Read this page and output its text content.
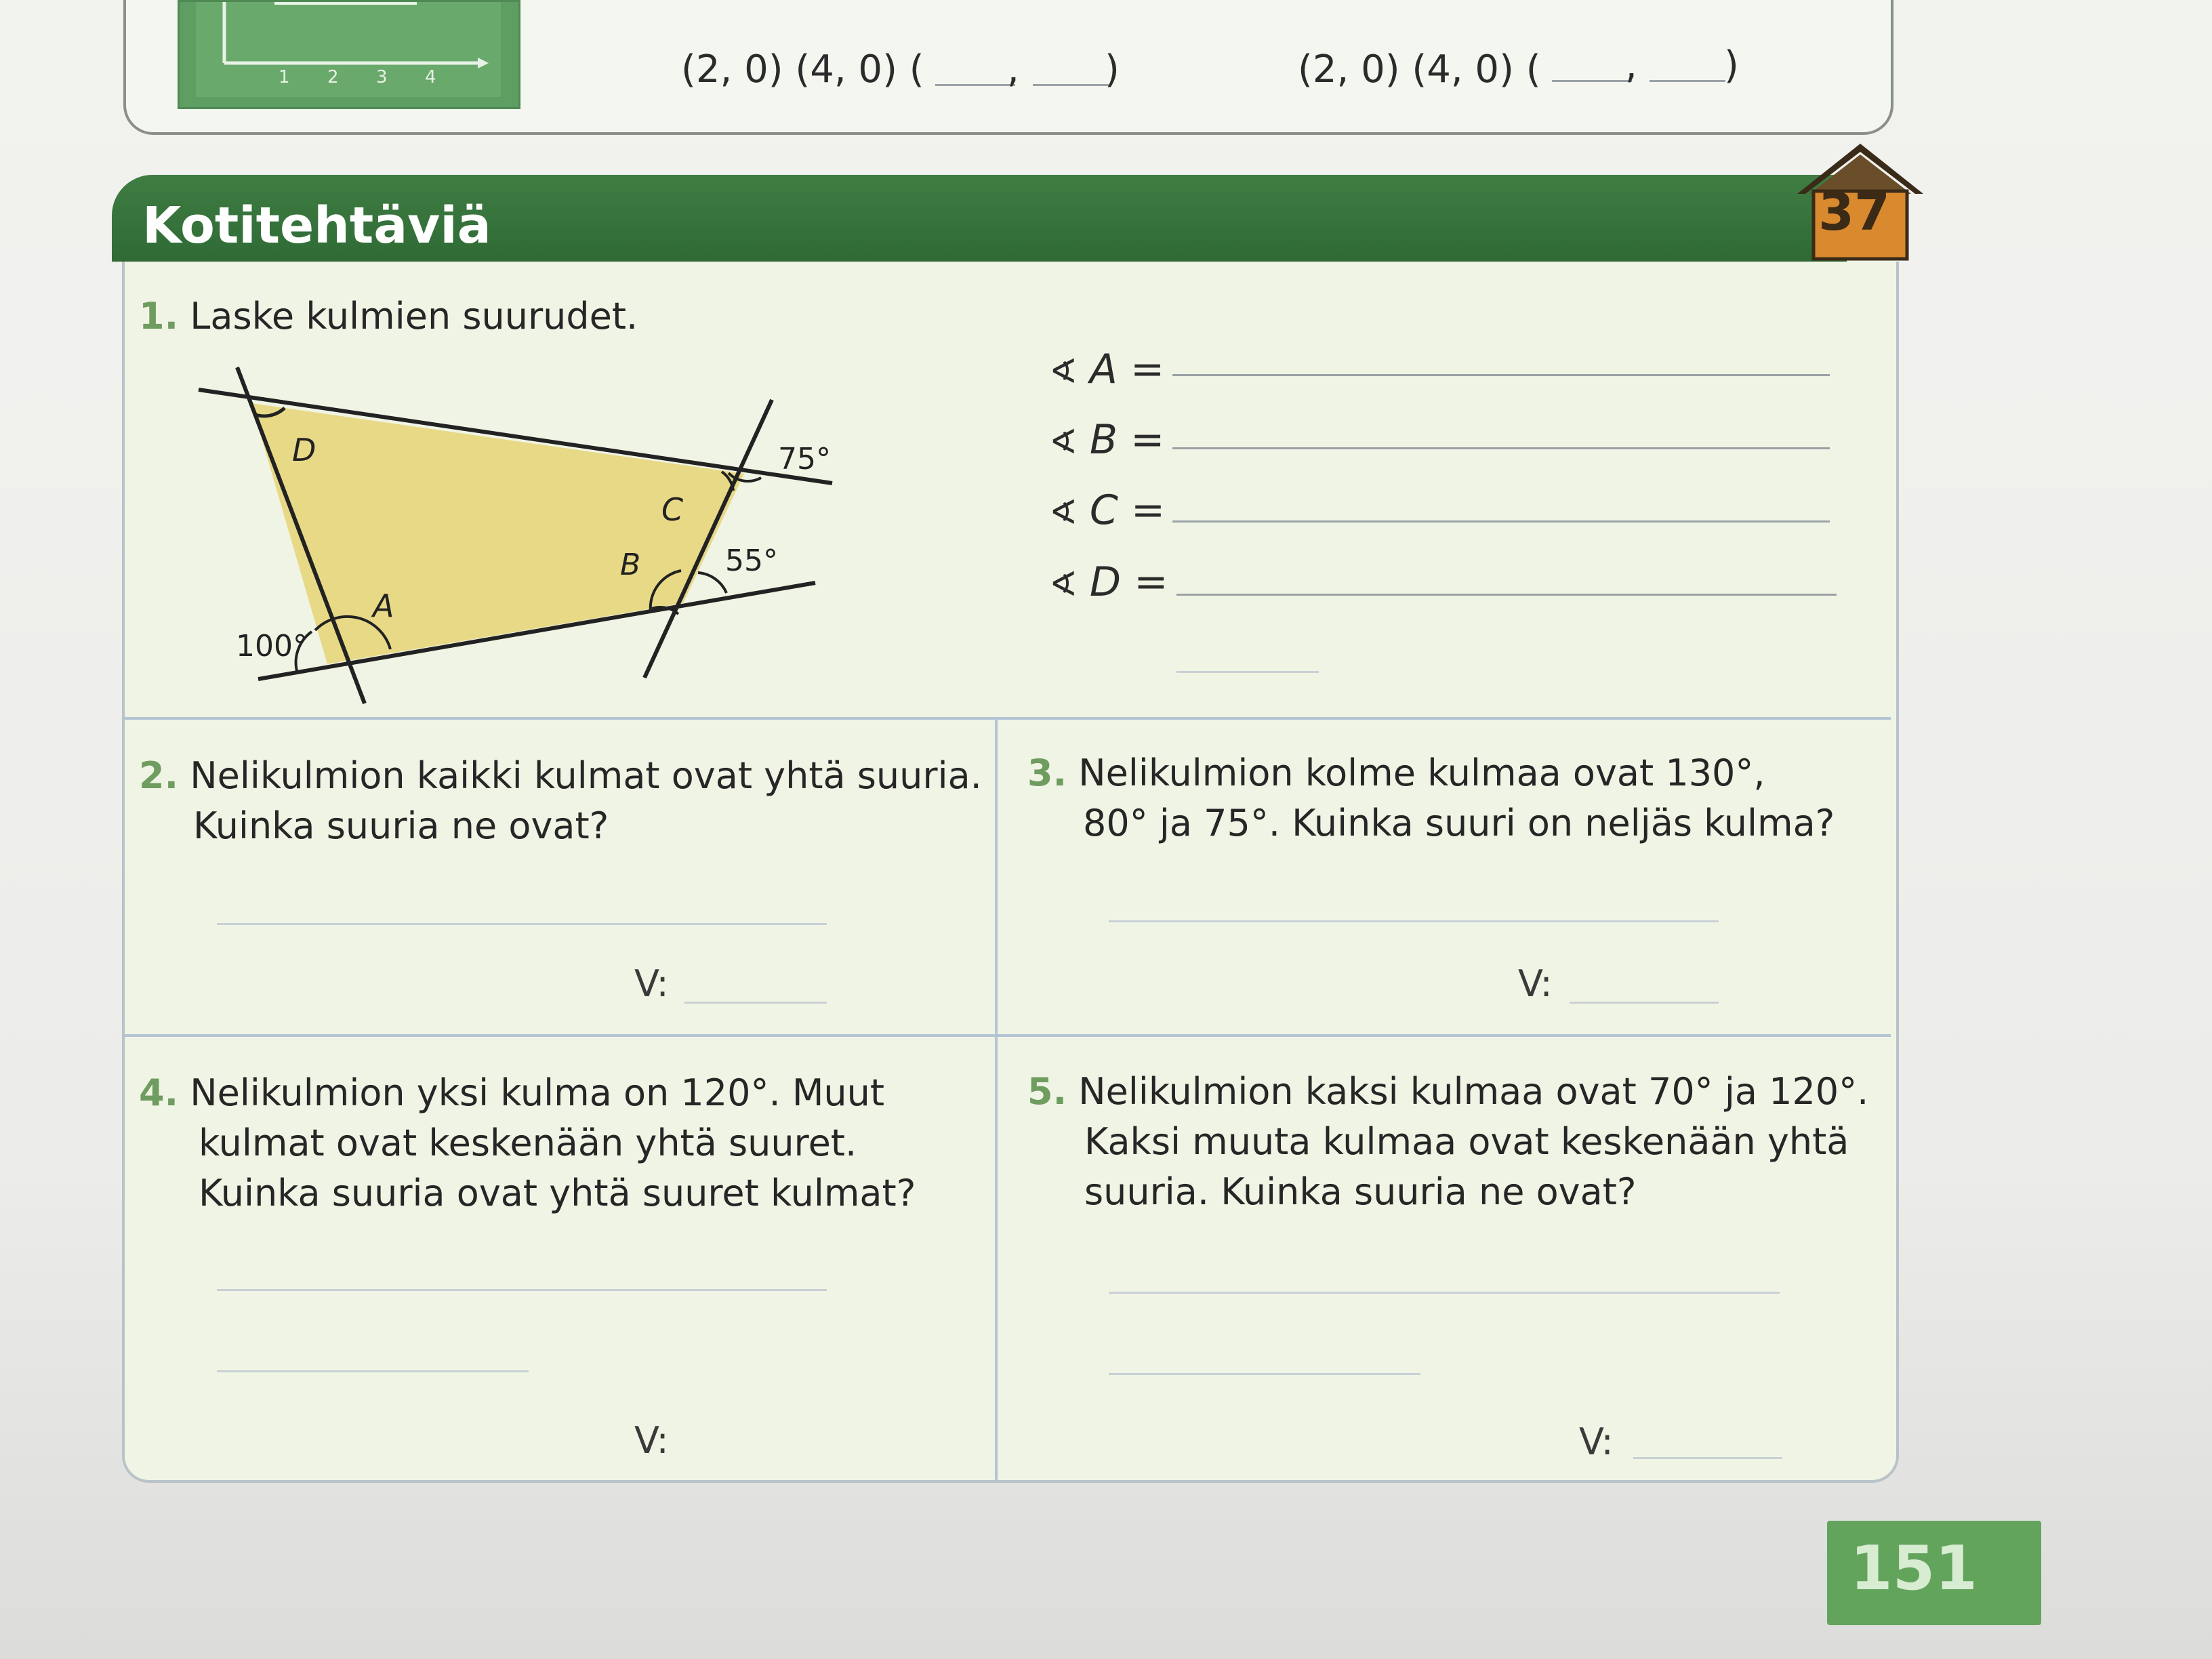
1 2 3 4	(2, 0) (4, 0) ( , )	(2, 0) (4, 0) ( , )
Kotitehtäviä	37
1. Laske kulmien suurudet.
D
A
B
C
100°
75°
55°
∢ A =
∢ B =
∢ C =
∢ D =
2. Nelikulmion kaikki kulmat ovat yhtä suuria.
Kuinka suuria ne ovat?
V:
3. Nelikulmion kolme kulmaa ovat 130°,
80° ja 75°. Kuinka suuri on neljäs kulma?
V:
4. Nelikulmion yksi kulma on 120°. Muut
kulmat ovat keskenään yhtä suuret.
Kuinka suuria ovat yhtä suuret kulmat?
V:
5. Nelikulmion kaksi kulmaa ovat 70° ja 120°.
Kaksi muuta kulmaa ovat keskenään yhtä
suuria. Kuinka suuria ne ovat?
V:
151
